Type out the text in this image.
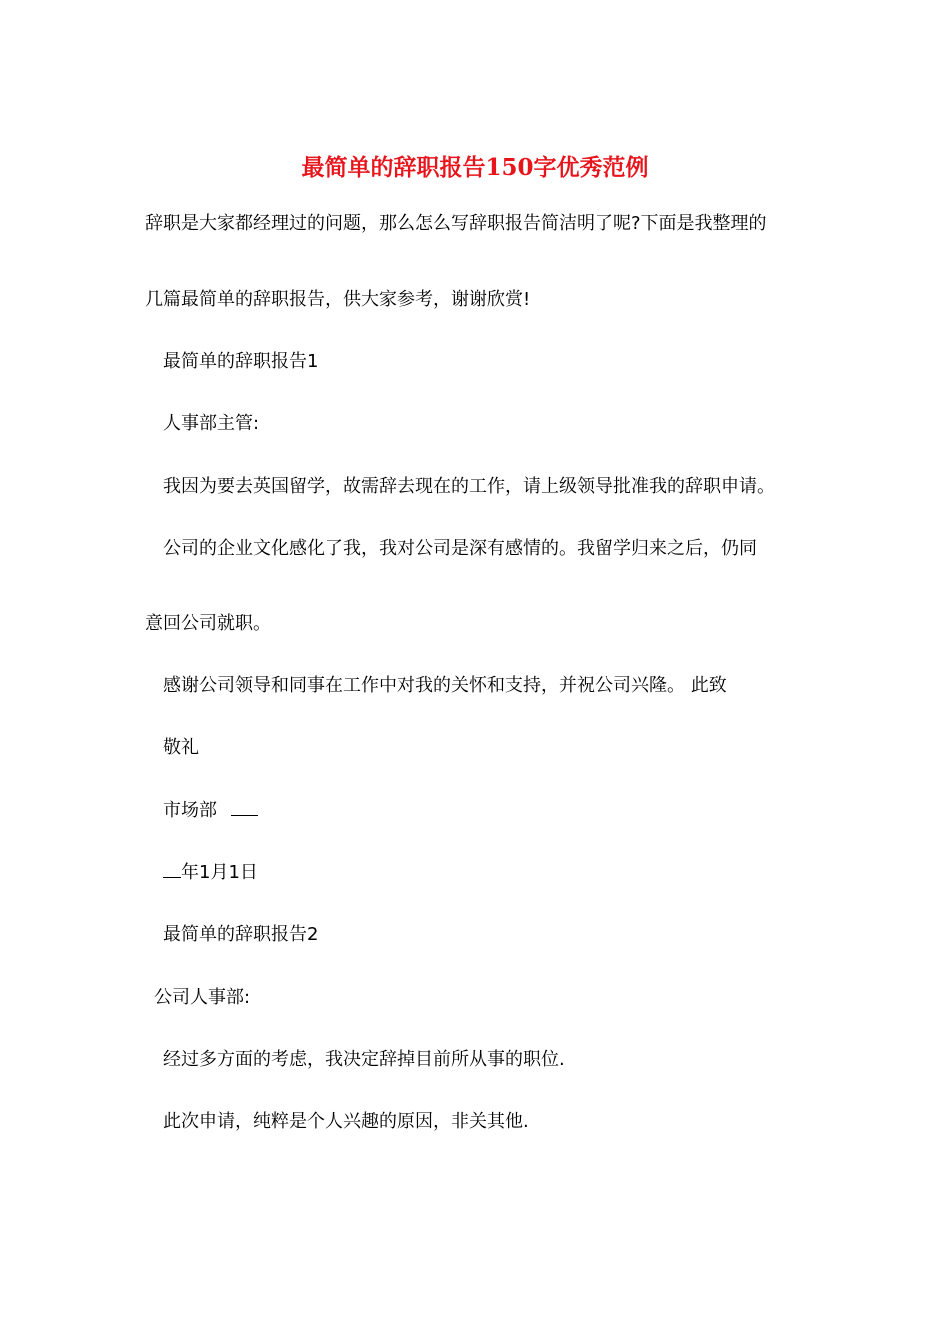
最简单的辞职报告150字优秀范例
辞职是大家都经理过的问题，那么怎么写辞职报告简洁明了呢?下面是我整理的
几篇最简单的辞职报告，供大家参考，谢谢欣赏!
最简单的辞职报告1
人事部主管:
我因为要去英国留学，故需辞去现在的工作，请上级领导批准我的辞职申请。
公司的企业文化感化了我，我对公司是深有感情的。我留学归来之后，仍同
意回公司就职。
感谢公司领导和同事在工作中对我的关怀和支持，并祝公司兴隆。 此致
敬礼
市场部
年1月1日
最简单的辞职报告2
公司人事部:
经过多方面的考虑，我决定辞掉目前所从事的职位.
此次申请，纯粹是个人兴趣的原因，非关其他.
